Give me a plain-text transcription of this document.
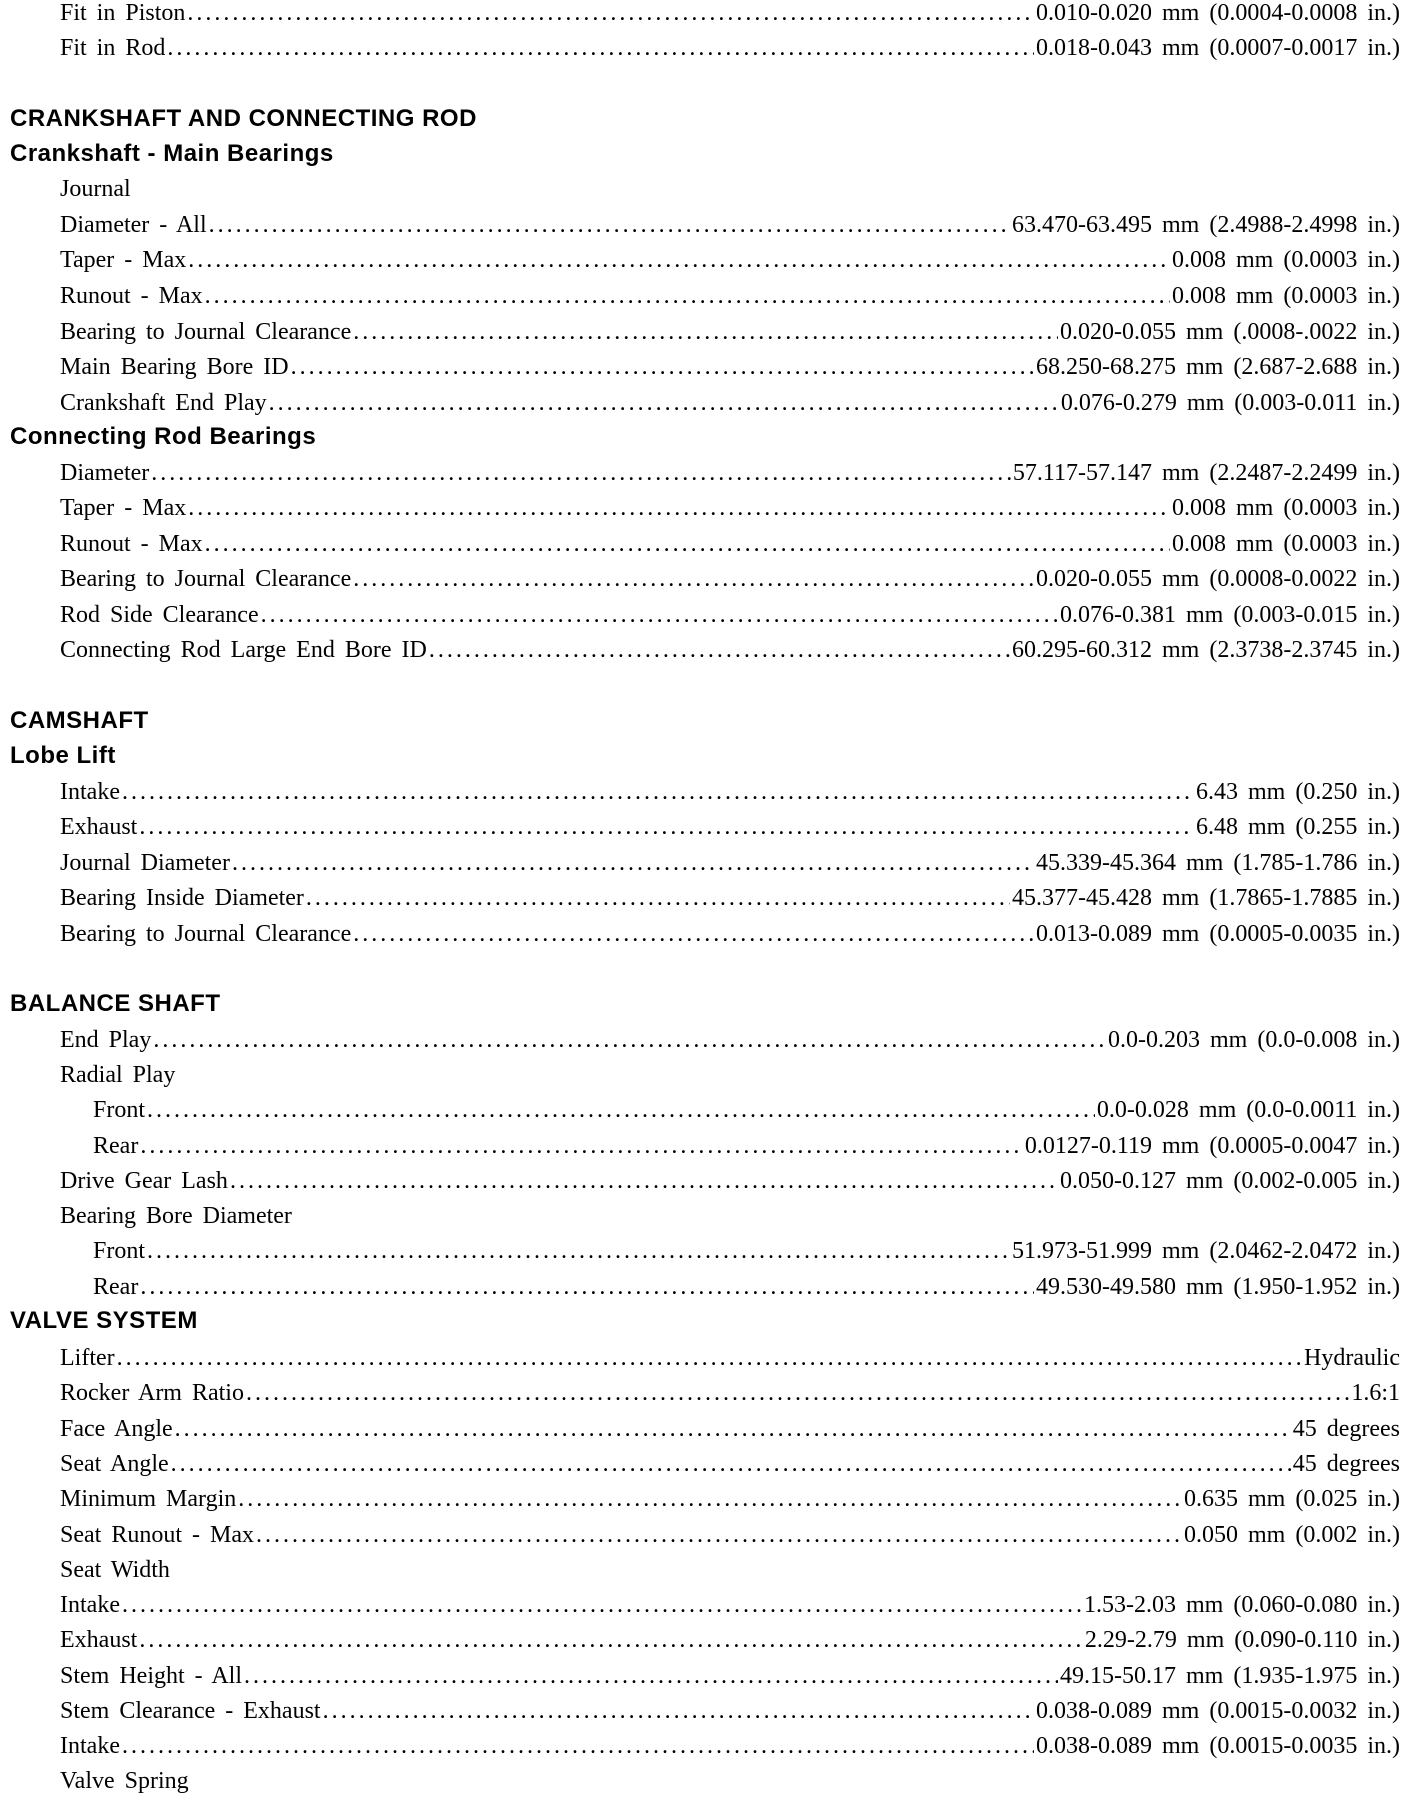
Fit in Piston .....	0.010-0.020 mm (0.0004-0.0008 in.)
Fit in Rod .....	0.018-0.043 mm (0.0007-0.0017 in.)
CRANKSHAFT AND CONNECTING ROD
Crankshaft - Main Bearings
Journal
Diameter - All .....	63.470-63.495 mm (2.4988-2.4998 in.)
Taper - Max .....	0.008 mm (0.0003 in.)
Runout - Max .....	0.008 mm (0.0003 in.)
Bearing to Journal Clearance .....	0.020-0.055 mm (.0008-.0022 in.)
Main Bearing Bore ID .....	68.250-68.275 mm (2.687-2.688 in.)
Crankshaft End Play .....	0.076-0.279 mm (0.003-0.011 in.)
Connecting Rod Bearings
Diameter .....	57.117-57.147 mm (2.2487-2.2499 in.)
Taper - Max .....	0.008 mm (0.0003 in.)
Runout - Max .....	0.008 mm (0.0003 in.)
Bearing to Journal Clearance .....	0.020-0.055 mm (0.0008-0.0022 in.)
Rod Side Clearance .....	0.076-0.381 mm (0.003-0.015 in.)
Connecting Rod Large End Bore ID .....	60.295-60.312 mm (2.3738-2.3745 in.)
CAMSHAFT
Lobe Lift
Intake .....	6.43 mm (0.250 in.)
Exhaust .....	6.48 mm (0.255 in.)
Journal Diameter .....	45.339-45.364 mm (1.785-1.786 in.)
Bearing Inside Diameter .....	45.377-45.428 mm (1.7865-1.7885 in.)
Bearing to Journal Clearance .....	0.013-0.089 mm (0.0005-0.0035 in.)
BALANCE SHAFT
End Play .....	0.0-0.203 mm (0.0-0.008 in.)
Radial Play
Front .....	0.0-0.028 mm (0.0-0.0011 in.)
Rear .....	0.0127-0.119 mm (0.0005-0.0047 in.)
Drive Gear Lash .....	0.050-0.127 mm (0.002-0.005 in.)
Bearing Bore Diameter
Front .....	51.973-51.999 mm (2.0462-2.0472 in.)
Rear .....	49.530-49.580 mm (1.950-1.952 in.)
VALVE SYSTEM
Lifter .....	Hydraulic
Rocker Arm Ratio .....	1.6:1
Face Angle .....	45 degrees
Seat Angle .....	45 degrees
Minimum Margin .....	0.635 mm (0.025 in.)
Seat Runout - Max .....	0.050 mm (0.002 in.)
Seat Width
Intake .....	1.53-2.03 mm (0.060-0.080 in.)
Exhaust .....	2.29-2.79 mm (0.090-0.110 in.)
Stem Height - All .....	49.15-50.17 mm (1.935-1.975 in.)
Stem Clearance - Exhaust .....	0.038-0.089 mm (0.0015-0.0032 in.)
Intake .....	0.038-0.089 mm (0.0015-0.0035 in.)
Valve Spring
